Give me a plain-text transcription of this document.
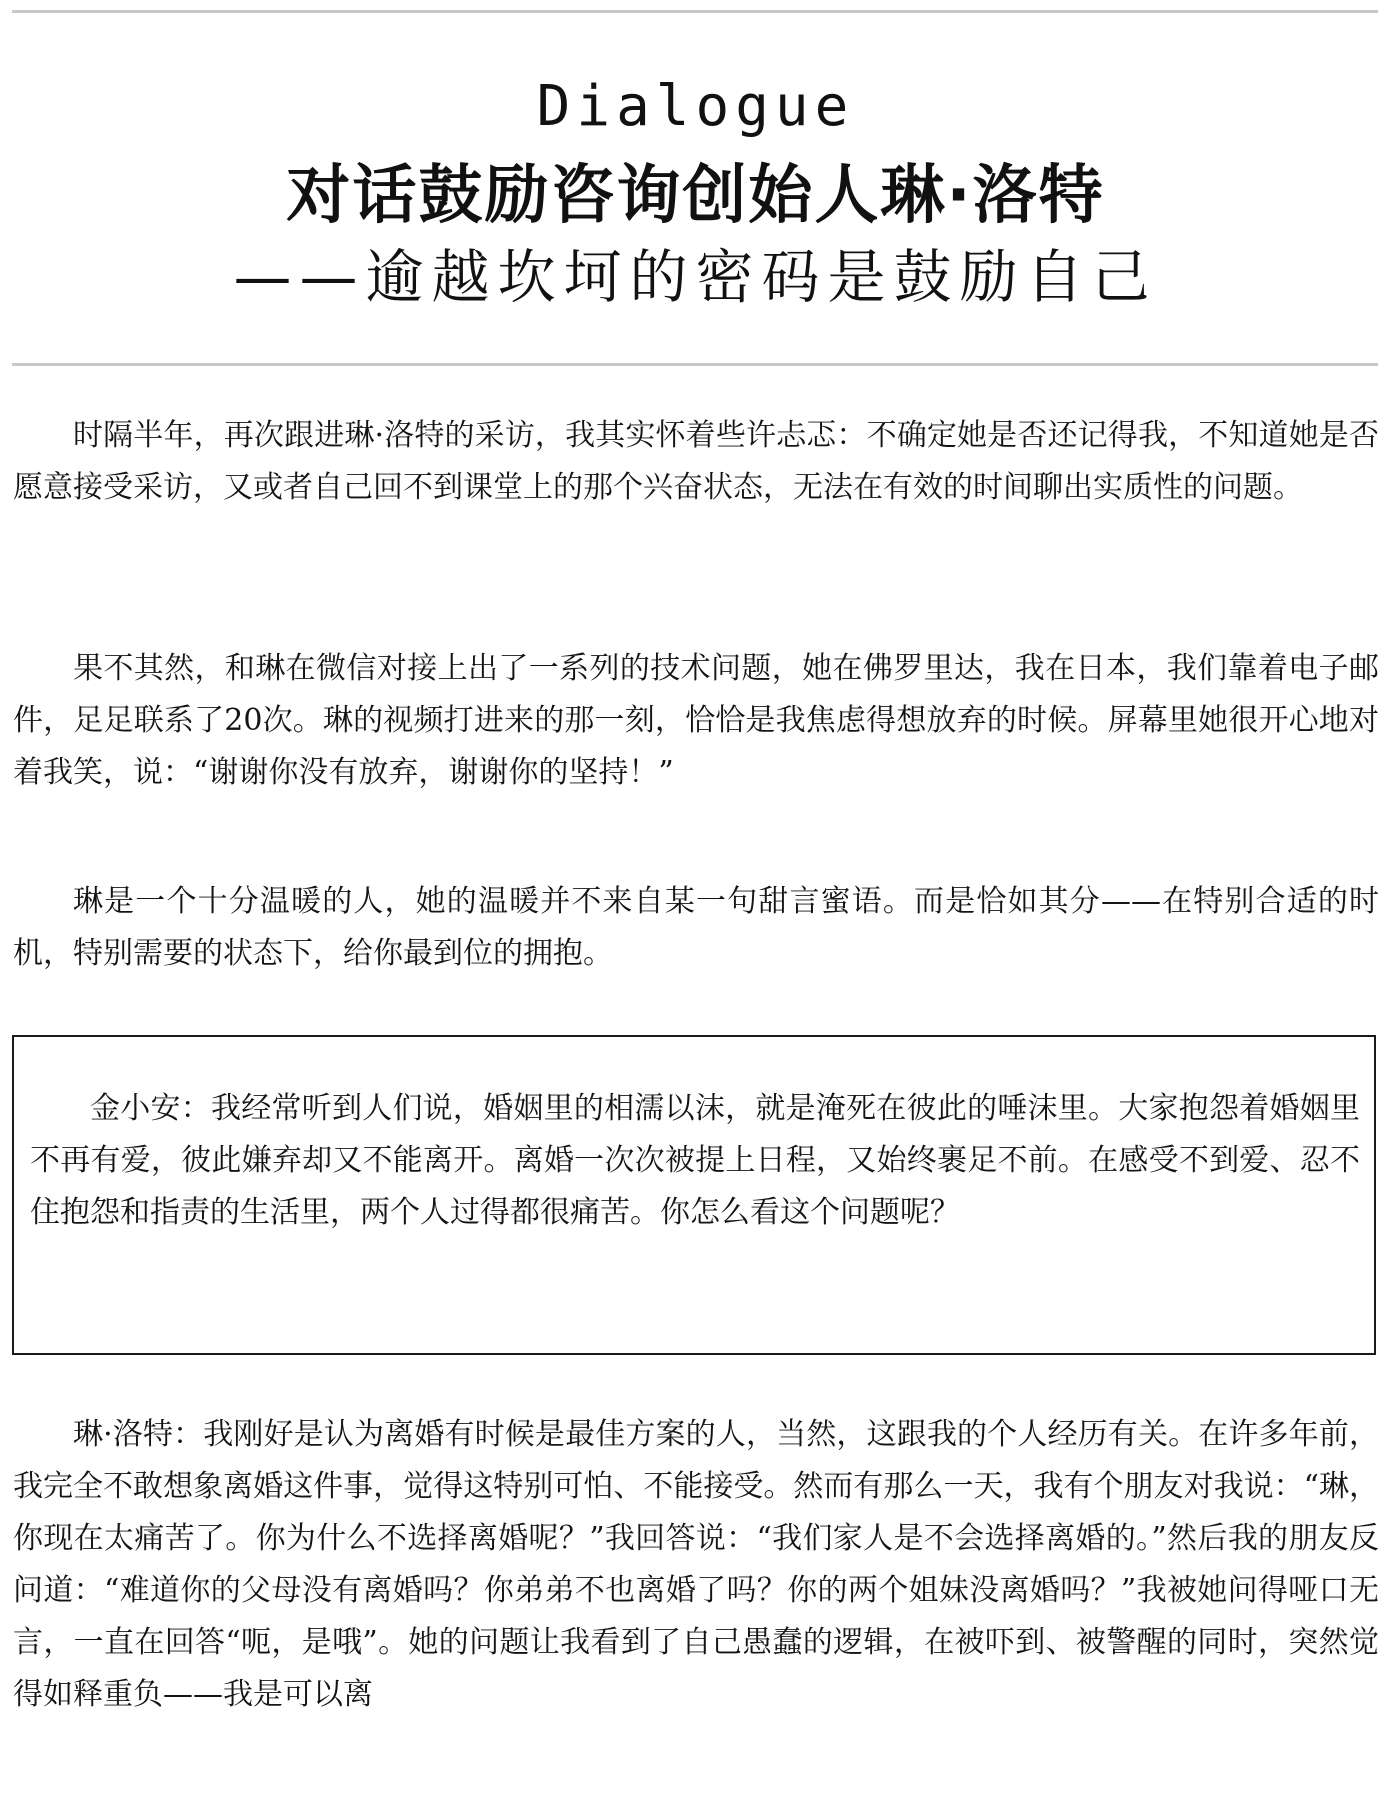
Dialogue
对话鼓励咨询创始人琳·洛特
——逾越坎坷的密码是鼓励自己

时隔半年，再次跟进琳·洛特的采访，我其实怀着些许忐忑：不确定她是否还记得我，不知道她是否愿意接受采访，又或者自己回不到课堂上的那个兴奋状态，无法在有效的时间聊出实质性的问题。

果不其然，和琳在微信对接上出了一系列的技术问题，她在佛罗里达，我在日本，我们靠着电子邮件，足足联系了20次。琳的视频打进来的那一刻，恰恰是我焦虑得想放弃的时候。屏幕里她很开心地对着我笑，说：“谢谢你没有放弃，谢谢你的坚持！”

琳是一个十分温暖的人，她的温暖并不来自某一句甜言蜜语。而是恰如其分——在特别合适的时机，特别需要的状态下，给你最到位的拥抱。

金小安：我经常听到人们说，婚姻里的相濡以沫，就是淹死在彼此的唾沫里。大家抱怨着婚姻里不再有爱，彼此嫌弃却又不能离开。离婚一次次被提上日程，又始终裹足不前。在感受不到爱、忍不住抱怨和指责的生活里，两个人过得都很痛苦。你怎么看这个问题呢？

琳·洛特：我刚好是认为离婚有时候是最佳方案的人，当然，这跟我的个人经历有关。在许多年前，我完全不敢想象离婚这件事，觉得这特别可怕、不能接受。然而有那么一天，我有个朋友对我说：“琳，你现在太痛苦了。你为什么不选择离婚呢？”我回答说：“我们家人是不会选择离婚的。”然后我的朋友反问道：“难道你的父母没有离婚吗？你弟弟不也离婚了吗？你的两个姐妹没离婚吗？”我被她问得哑口无言，一直在回答“呃，是哦”。她的问题让我看到了自己愚蠢的逻辑，在被吓到、被警醒的同时，突然觉得如释重负——我是可以离
